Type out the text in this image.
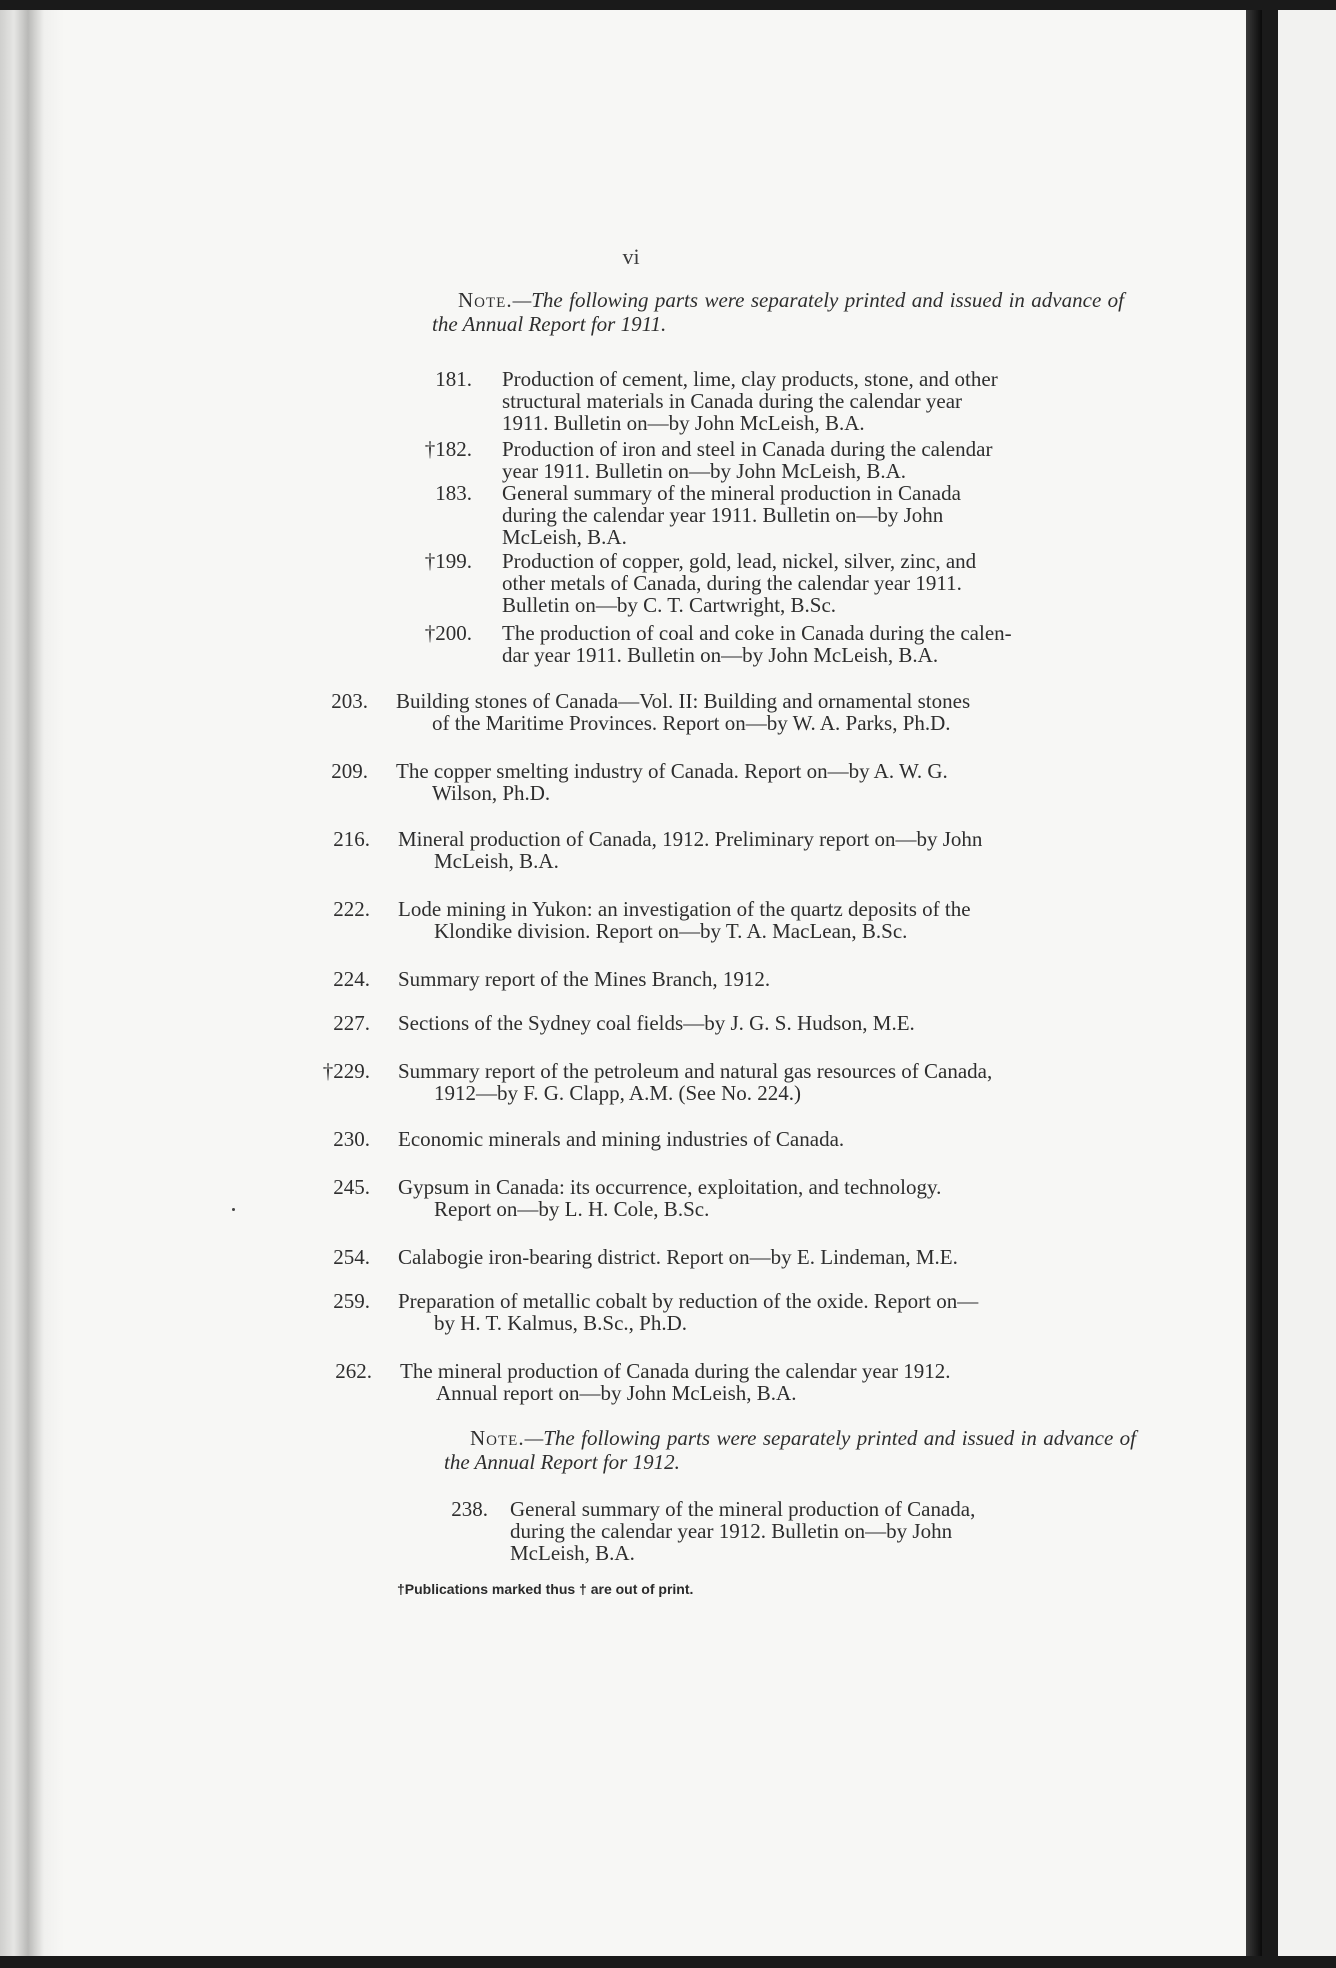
vi
Note.—The following parts were separately printed and issued in advance of the Annual Report for 1911.
181. Production of cement, lime, clay products, stone, and other
structural materials in Canada during the calendar year
1911. Bulletin on—by John McLeish, B.A.
†182. Production of iron and steel in Canada during the calendar
year 1911. Bulletin on—by John McLeish, B.A.
183. General summary of the mineral production in Canada
during the calendar year 1911. Bulletin on—by John
McLeish, B.A.
†199. Production of copper, gold, lead, nickel, silver, zinc, and
other metals of Canada, during the calendar year 1911.
Bulletin on—by C. T. Cartwright, B.Sc.
†200. The production of coal and coke in Canada during the calen-
dar year 1911. Bulletin on—by John McLeish, B.A.
203. Building stones of Canada—Vol. II: Building and ornamental stones
of the Maritime Provinces. Report on—by W. A. Parks, Ph.D.
209. The copper smelting industry of Canada. Report on—by A. W. G.
Wilson, Ph.D.
216. Mineral production of Canada, 1912. Preliminary report on—by John
McLeish, B.A.
222. Lode mining in Yukon: an investigation of the quartz deposits of the
Klondike division. Report on—by T. A. MacLean, B.Sc.
224. Summary report of the Mines Branch, 1912.
227. Sections of the Sydney coal fields—by J. G. S. Hudson, M.E.
†229. Summary report of the petroleum and natural gas resources of Canada,
1912—by F. G. Clapp, A.M. (See No. 224.)
230. Economic minerals and mining industries of Canada.
245. Gypsum in Canada: its occurrence, exploitation, and technology.
Report on—by L. H. Cole, B.Sc.
254. Calabogie iron-bearing district. Report on—by E. Lindeman, M.E.
259. Preparation of metallic cobalt by reduction of the oxide. Report on—
by H. T. Kalmus, B.Sc., Ph.D.
262. The mineral production of Canada during the calendar year 1912.
Annual report on—by John McLeish, B.A.
Note.—The following parts were separately printed and issued in advance of the Annual Report for 1912.
238. General summary of the mineral production of Canada,
during the calendar year 1912. Bulletin on—by John
McLeish, B.A.
†Publications marked thus † are out of print.
